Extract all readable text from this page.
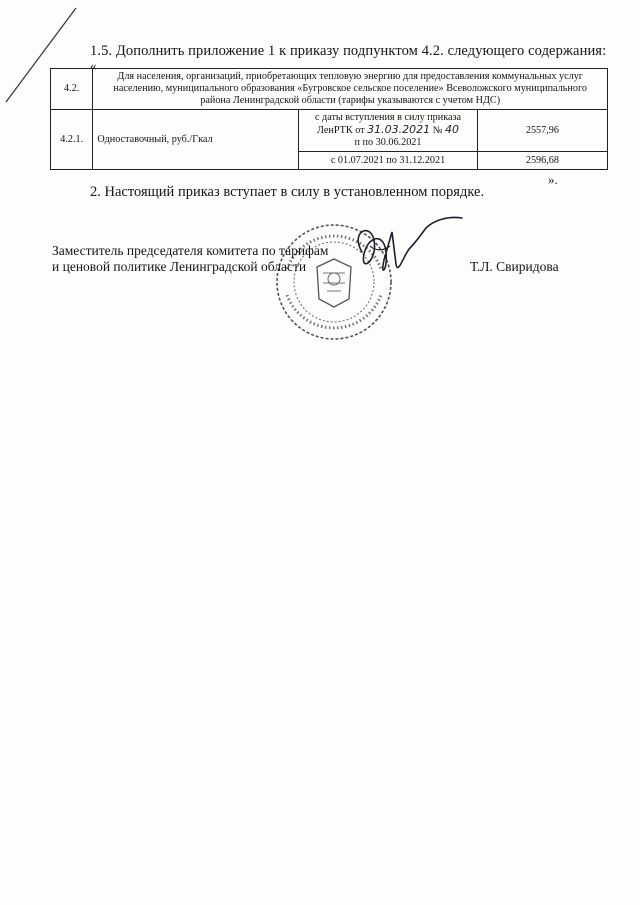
1.5. Дополнить приложение 1 к приказу подпунктом 4.2. следующего содержания:
«
4.2.	Для населения, организаций, приобретающих тепловую энергию для предоставления коммунальных услуг населению, муниципального образования «Бугровское сельское поселение» Всеволожского муниципального района Ленинградской области (тарифы указываются с учетом НДС)		
4.2.1.	Одноставочный, руб./Гкал	с даты вступления в силу приказа
ЛенРТК от 31.03.2021 № 40
п по 30.06.2021	2557,96
		с 01.07.2021 по 31.12.2021	2596,68
».
2. Настоящий приказ вступает в силу в установленном порядке.
Заместитель председателя комитета по тарифам
и ценовой политике Ленинградской области	Т.Л. Свиридова
